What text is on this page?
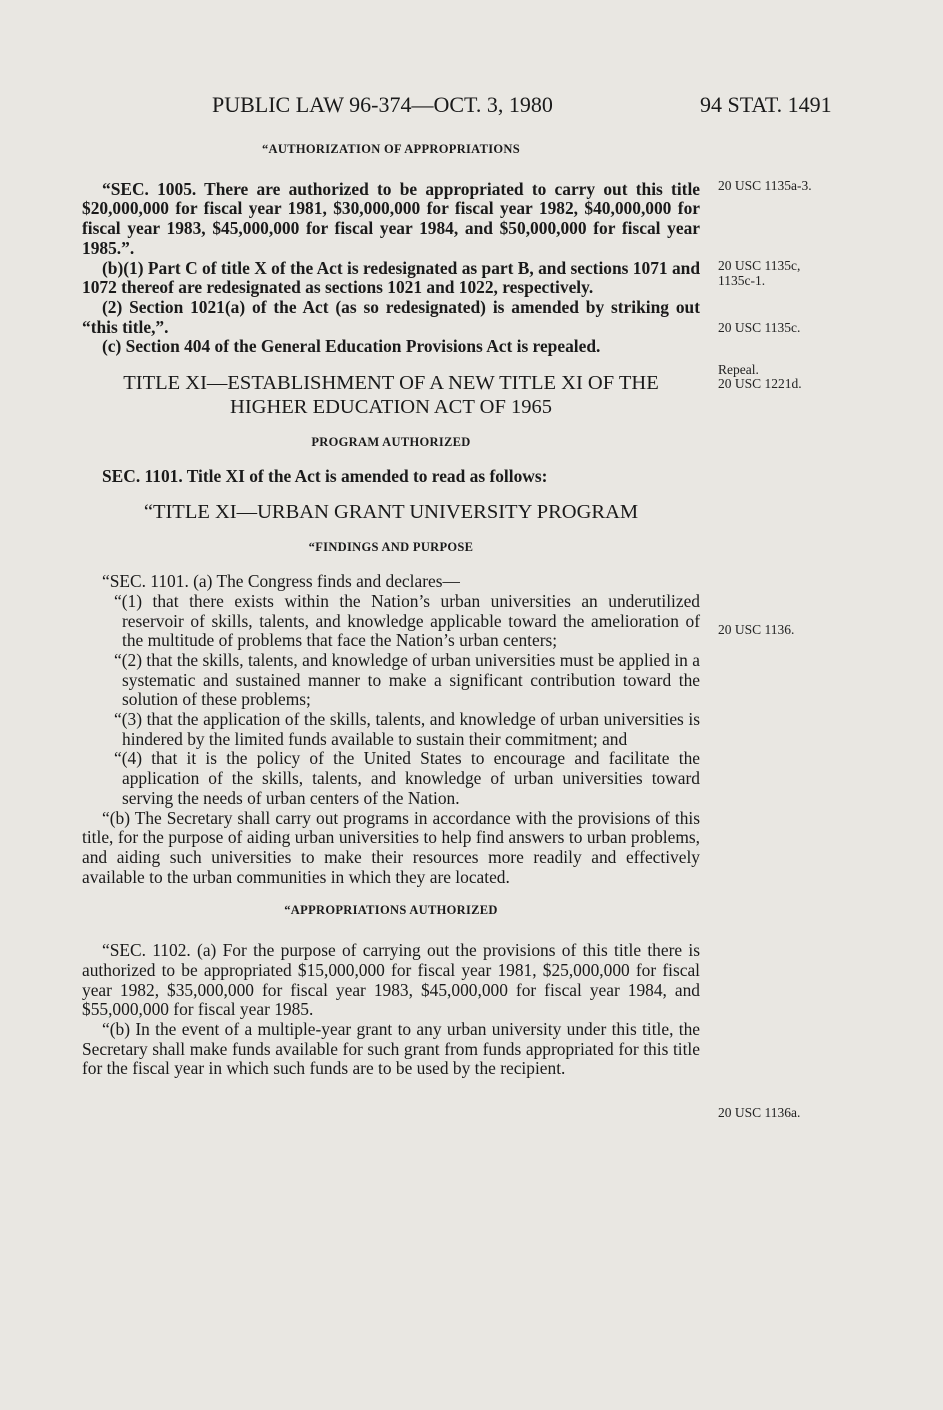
PUBLIC LAW 96-374—OCT. 3, 1980	94 STAT. 1491

“AUTHORIZATION OF APPROPRIATIONS

“SEC. 1005. There are authorized to be appropriated to carry out this title $20,000,000 for fiscal year 1981, $30,000,000 for fiscal year 1982, $40,000,000 for fiscal year 1983, $45,000,000 for fiscal year 1984, and $50,000,000 for fiscal year 1985.”.

(b)(1) Part C of title X of the Act is redesignated as part B, and sections 1071 and 1072 thereof are redesignated as sections 1021 and 1022, respectively.

(2) Section 1021(a) of the Act (as so redesignated) is amended by striking out “this title,”.

(c) Section 404 of the General Education Provisions Act is repealed.

TITLE XI—ESTABLISHMENT OF A NEW TITLE XI OF THE

HIGHER EDUCATION ACT OF 1965

PROGRAM AUTHORIZED

SEC. 1101. Title XI of the Act is amended to read as follows:

“TITLE XI—URBAN GRANT UNIVERSITY PROGRAM

“FINDINGS AND PURPOSE

“SEC. 1101. (a) The Congress finds and declares—

“(1) that there exists within the Nation’s urban universities an underutilized reservoir of skills, talents, and knowledge applicable toward the amelioration of the multitude of problems that face the Nation’s urban centers;

“(2) that the skills, talents, and knowledge of urban universities must be applied in a systematic and sustained manner to make a significant contribution toward the solution of these problems;

“(3) that the application of the skills, talents, and knowledge of urban universities is hindered by the limited funds available to sustain their commitment; and

“(4) that it is the policy of the United States to encourage and facilitate the application of the skills, talents, and knowledge of urban universities toward serving the needs of urban centers of the Nation.

“(b) The Secretary shall carry out programs in accordance with the provisions of this title, for the purpose of aiding urban universities to help find answers to urban problems, and aiding such universities to make their resources more readily and effectively available to the urban communities in which they are located.

“APPROPRIATIONS AUTHORIZED

“SEC. 1102. (a) For the purpose of carrying out the provisions of this title there is authorized to be appropriated $15,000,000 for fiscal year 1981, $25,000,000 for fiscal year 1982, $35,000,000 for fiscal year 1983, $45,000,000 for fiscal year 1984, and $55,000,000 for fiscal year 1985.

“(b) In the event of a multiple-year grant to any urban university under this title, the Secretary shall make funds available for such grant from funds appropriated for this title for the fiscal year in which such funds are to be used by the recipient.

20 USC 1135a-3.
20 USC 1135c,
1135c-1.
20 USC 1135c.
Repeal.
20 USC 1221d.
20 USC 1136.
20 USC 1136a.
